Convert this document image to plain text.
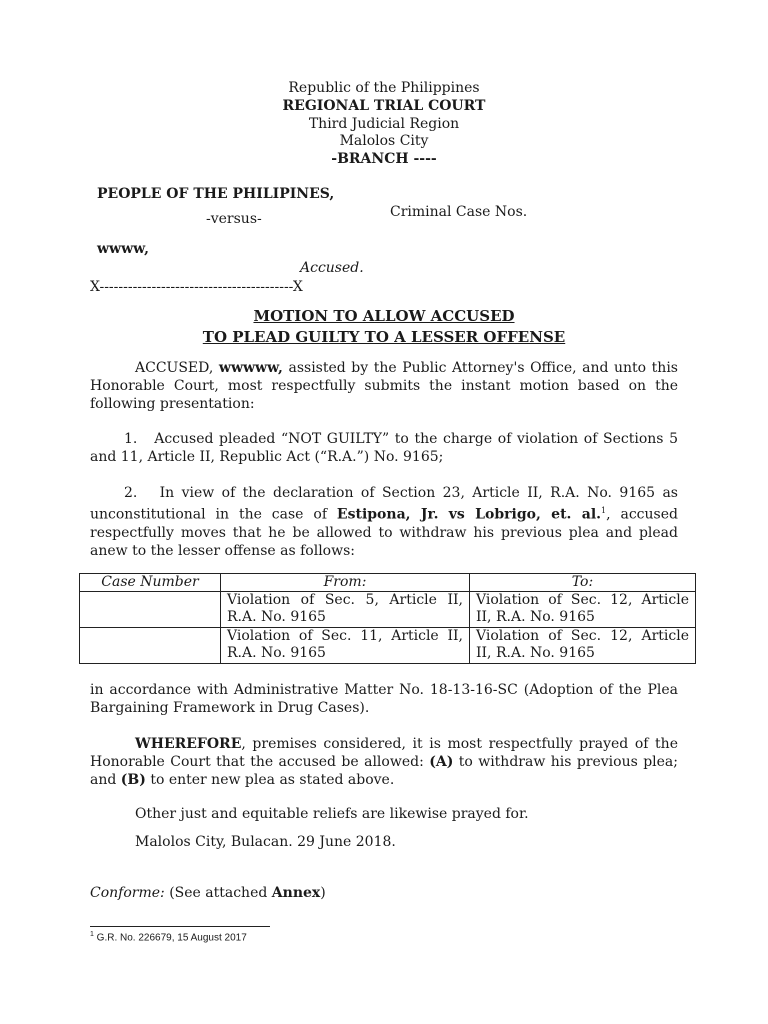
Republic of the Philippines
REGIONAL TRIAL COURT
Third Judicial Region
Malolos City
-BRANCH ----
PEOPLE OF THE PHILIPINES,
-versus-	Criminal Case Nos.
wwww,
Accused.
X-----------------------------------------X
MOTION TO ALLOW ACCUSED
TO PLEAD GUILTY TO A LESSER OFFENSE
ACCUSED, wwwww, assisted by the Public Attorney's Office, and unto this Honorable Court, most respectfully submits the instant motion based on the following presentation:
1. Accused pleaded “NOT GUILTY” to the charge of violation of Sections 5 and 11, Article II, Republic Act (“R.A.”) No. 9165;
2. In view of the declaration of Section 23, Article II, R.A. No. 9165 as unconstitutional in the case of Estipona, Jr. vs Lobrigo, et. al.$^1$, accused respectfully moves that he be allowed to withdraw his previous plea and plead anew to the lesser offense as follows:
Case Number	From:	To:
	Violation of Sec. 5, Article II, R.A. No. 9165	Violation of Sec. 12, Article II, R.A. No. 9165
	Violation of Sec. 11, Article II, R.A. No. 9165	Violation of Sec. 12, Article II, R.A. No. 9165
in accordance with Administrative Matter No. 18-13-16-SC (Adoption of the Plea Bargaining Framework in Drug Cases).
WHEREFORE, premises considered, it is most respectfully prayed of the Honorable Court that the accused be allowed: (A) to withdraw his previous plea; and (B) to enter new plea as stated above.
Other just and equitable reliefs are likewise prayed for.
Malolos City, Bulacan. 29 June 2018.
Conforme: (See attached Annex)
$^1$ G.R. No. 226679, 15 August 2017
